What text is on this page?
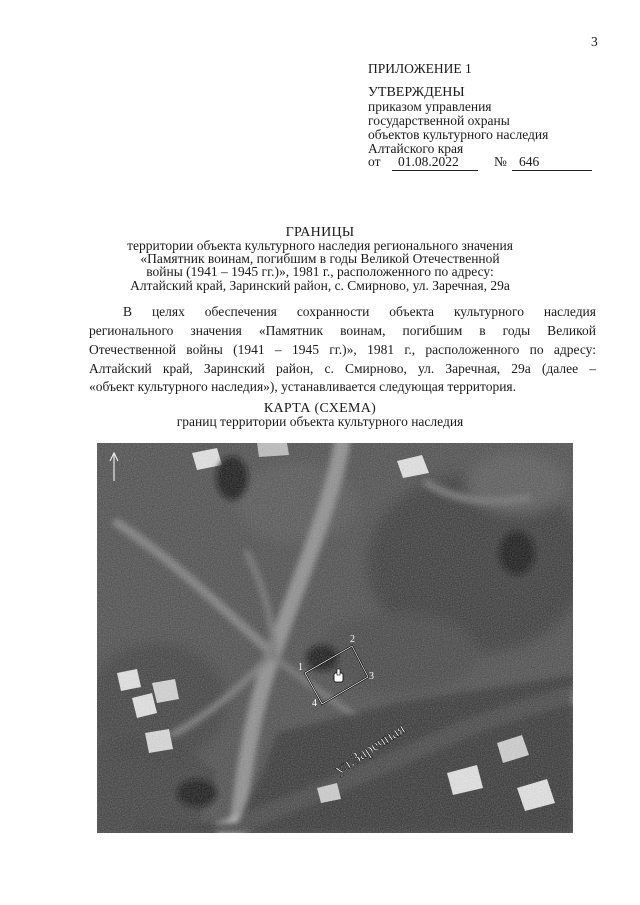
3
ПРИЛОЖЕНИЕ 1
УТВЕРЖДЕНЫ
приказом управления
государственной охраны
объектов культурного наследия
Алтайского края
от 01.08.2022	№ 646
ГРАНИЦЫ
территории объекта культурного наследия регионального значения
«Памятник воинам, погибшим в годы Великой Отечественной
войны (1941 – 1945 гг.)», 1981 г., расположенного по адресу:
Алтайский край, Заринский район, с. Смирново, ул. Заречная, 29а
В целях обеспечения сохранности объекта культурного наследия
регионального значения «Памятник воинам, погибшим в годы Великой
Отечественной войны (1941 – 1945 гг.)», 1981 г., расположенного по адресу:
Алтайский край, Заринский район, с. Смирново, ул. Заречная, 29а (далее –
«объект культурного наследия»), устанавливается следующая территория.
КАРТА (СХЕМА)
границ территории объекта культурного наследия
1
2
3
4
ул.Заречная
